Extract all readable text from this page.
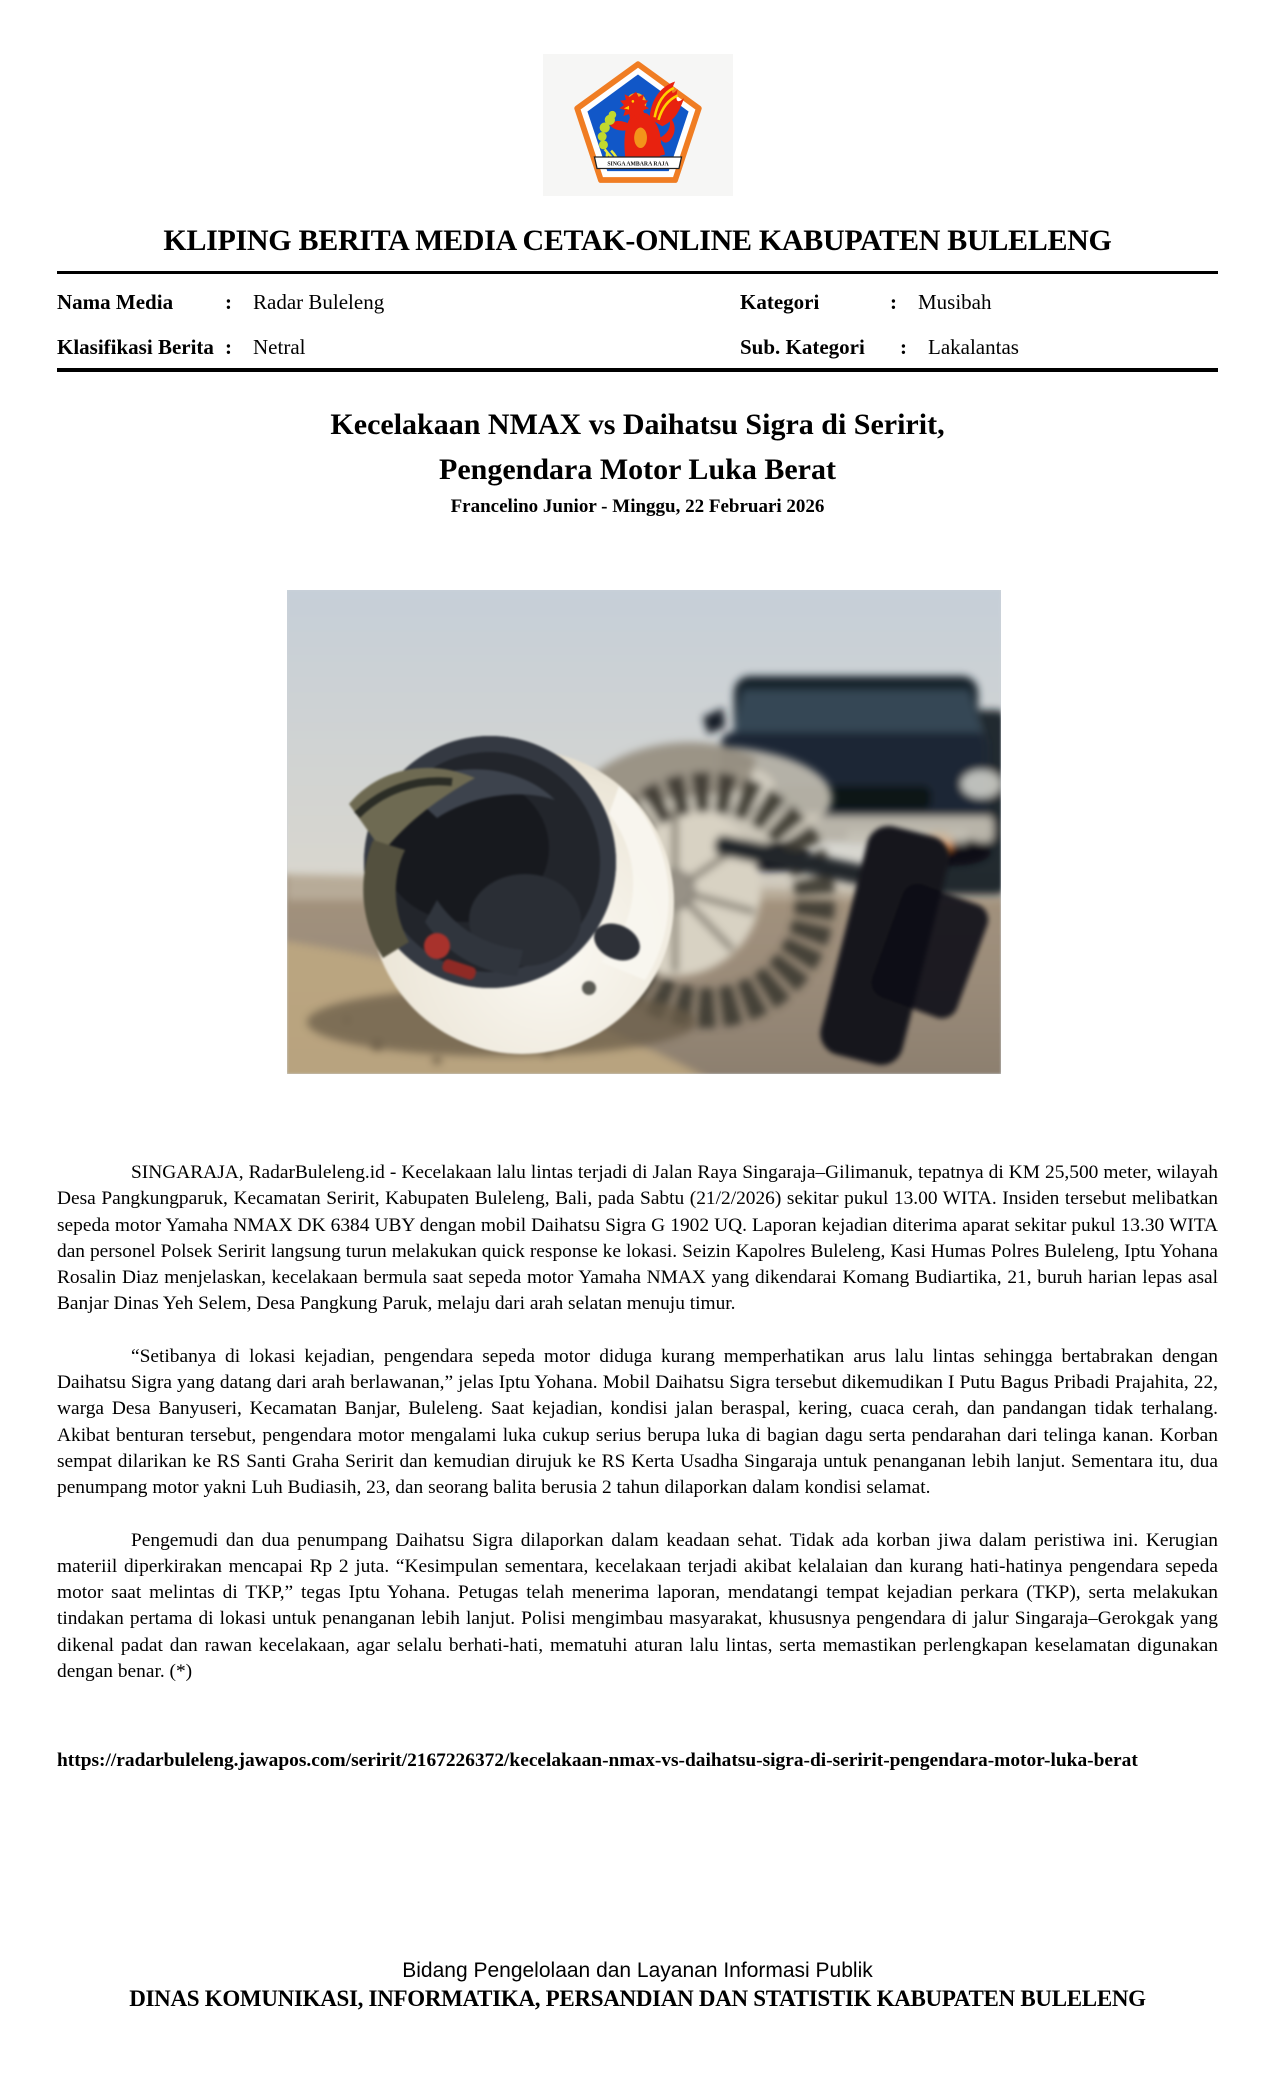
SINGA AMBARA RAJA
KLIPING BERITA MEDIA CETAK-ONLINE KABUPATEN BULELENG
Nama Media : Radar Buleleng	Kategori	: Musibah
Klasifikasi Berita : Netral	Sub. Kategori : Lakalantas
Kecelakaan NMAX vs Daihatsu Sigra di Seririt,
Pengendara Motor Luka Berat
Francelino Junior - Minggu, 22 Februari 2026

SINGARAJA, RadarBuleleng.id - Kecelakaan lalu lintas terjadi di Jalan Raya Singaraja–Gilimanuk, tepatnya di KM 25,500 meter, wilayah Desa Pangkungparuk, Kecamatan Seririt, Kabupaten Buleleng, Bali, pada Sabtu (21/2/2026) sekitar pukul 13.00 WITA. Insiden tersebut melibatkan sepeda motor Yamaha NMAX DK 6384 UBY dengan mobil Daihatsu Sigra G 1902 UQ. Laporan kejadian diterima aparat sekitar pukul 13.30 WITA dan personel Polsek Seririt langsung turun melakukan quick response ke lokasi. Seizin Kapolres Buleleng, Kasi Humas Polres Buleleng, Iptu Yohana Rosalin Diaz menjelaskan, kecelakaan bermula saat sepeda motor Yamaha NMAX yang dikendarai Komang Budiartika, 21, buruh harian lepas asal Banjar Dinas Yeh Selem, Desa Pangkung Paruk, melaju dari arah selatan menuju timur.

“Setibanya di lokasi kejadian, pengendara sepeda motor diduga kurang memperhatikan arus lalu lintas sehingga bertabrakan dengan Daihatsu Sigra yang datang dari arah berlawanan,” jelas Iptu Yohana. Mobil Daihatsu Sigra tersebut dikemudikan I Putu Bagus Pribadi Prajahita, 22, warga Desa Banyuseri, Kecamatan Banjar, Buleleng. Saat kejadian, kondisi jalan beraspal, kering, cuaca cerah, dan pandangan tidak terhalang. Akibat benturan tersebut, pengendara motor mengalami luka cukup serius berupa luka di bagian dagu serta pendarahan dari telinga kanan. Korban sempat dilarikan ke RS Santi Graha Seririt dan kemudian dirujuk ke RS Kerta Usadha Singaraja untuk penanganan lebih lanjut. Sementara itu, dua penumpang motor yakni Luh Budiasih, 23, dan seorang balita berusia 2 tahun dilaporkan dalam kondisi selamat.

Pengemudi dan dua penumpang Daihatsu Sigra dilaporkan dalam keadaan sehat. Tidak ada korban jiwa dalam peristiwa ini. Kerugian materiil diperkirakan mencapai Rp 2 juta. “Kesimpulan sementara, kecelakaan terjadi akibat kelalaian dan kurang hati-hatinya pengendara sepeda motor saat melintas di TKP,” tegas Iptu Yohana. Petugas telah menerima laporan, mendatangi tempat kejadian perkara (TKP), serta melakukan tindakan pertama di lokasi untuk penanganan lebih lanjut. Polisi mengimbau masyarakat, khususnya pengendara di jalur Singaraja–Gerokgak yang dikenal padat dan rawan kecelakaan, agar selalu berhati-hati, mematuhi aturan lalu lintas, serta memastikan perlengkapan keselamatan digunakan dengan benar. (*)

https://radarbuleleng.jawapos.com/seririt/2167226372/kecelakaan-nmax-vs-daihatsu-sigra-di-seririt-pengendara-motor-luka-berat
Bidang Pengelolaan dan Layanan Informasi Publik
DINAS KOMUNIKASI, INFORMATIKA, PERSANDIAN DAN STATISTIK KABUPATEN BULELENG
